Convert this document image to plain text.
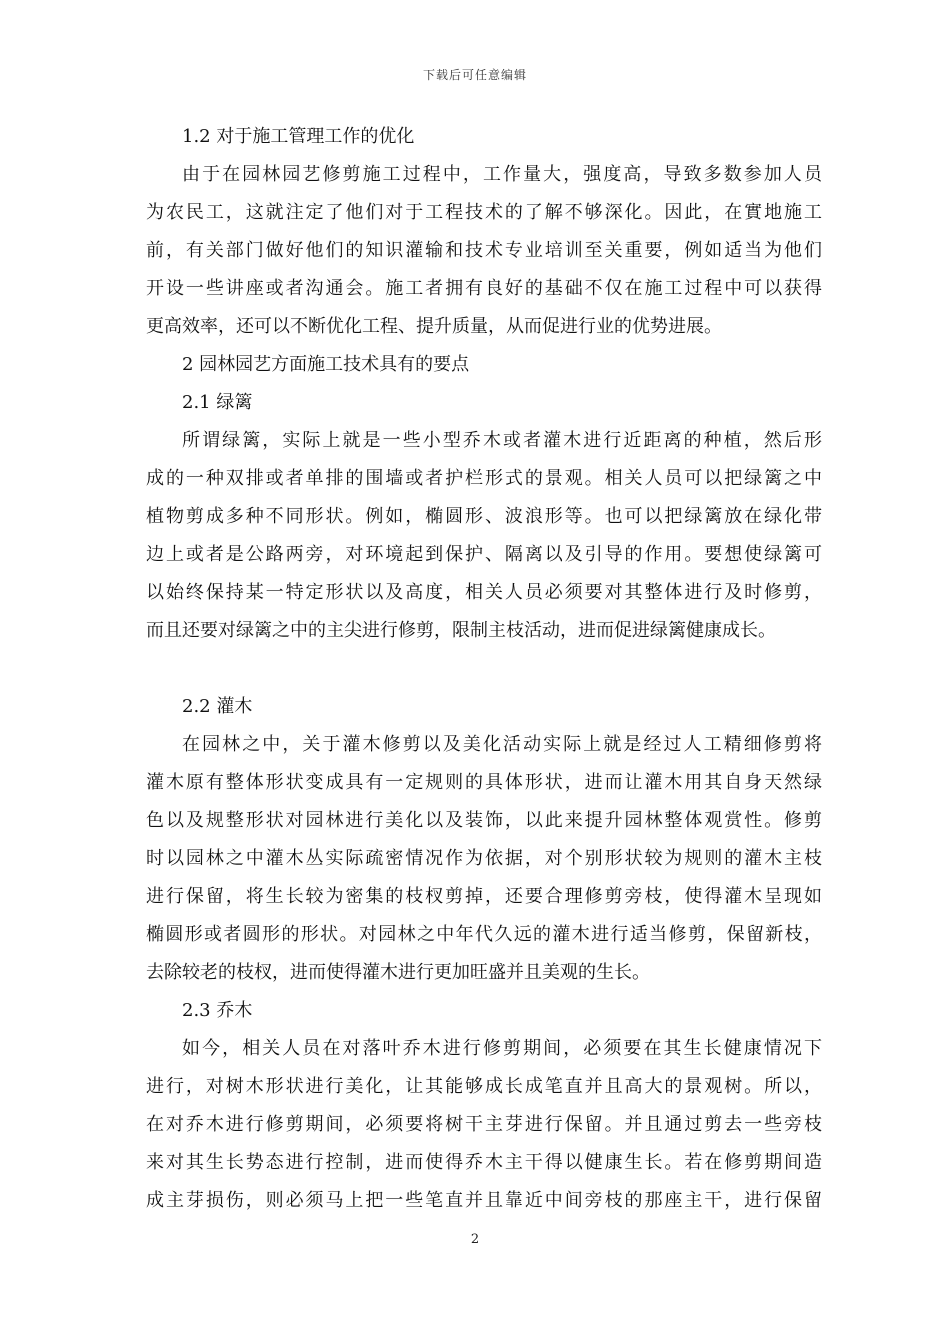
下载后可任意编辑
1.2 对于施工管理工作的优化
由于在园林园艺修剪施工过程中，工作量大，强度高，导致多数参加人员
为农民工，这就注定了他们对于工程技术的了解不够深化。因此，在實地施工
前，有关部门做好他们的知识灌输和技术专业培训至关重要，例如适当为他们
开设一些讲座或者沟通会。施工者拥有良好的基础不仅在施工过程中可以获得
更高效率，还可以不断优化工程、提升质量，从而促进行业的优势进展。
2 园林园艺方面施工技术具有的要点
2.1 绿篱
所谓绿篱，实际上就是一些小型乔木或者灌木进行近距离的种植，然后形
成的一种双排或者单排的围墙或者护栏形式的景观。相关人员可以把绿篱之中
植物剪成多种不同形状。例如，椭圆形、波浪形等。也可以把绿篱放在绿化带
边上或者是公路两旁，对环境起到保护、隔离以及引导的作用。要想使绿篱可
以始终保持某一特定形状以及高度，相关人员必须要对其整体进行及时修剪，
而且还要对绿篱之中的主尖进行修剪，限制主枝活动，进而促进绿篱健康成长。
2.2 灌木
在园林之中，关于灌木修剪以及美化活动实际上就是经过人工精细修剪将
灌木原有整体形状变成具有一定规则的具体形状，进而让灌木用其自身天然绿
色以及规整形状对园林进行美化以及装饰，以此来提升园林整体观赏性。修剪
时以园林之中灌木丛实际疏密情况作为依据，对个别形状较为规则的灌木主枝
进行保留，将生长较为密集的枝杈剪掉，还要合理修剪旁枝，使得灌木呈现如
椭圆形或者圆形的形状。对园林之中年代久远的灌木进行适当修剪，保留新枝，
去除较老的枝杈，进而使得灌木进行更加旺盛并且美观的生长。
2.3 乔木
如今，相关人员在对落叶乔木进行修剪期间，必须要在其生长健康情况下
进行，对树木形状进行美化，让其能够成长成笔直并且高大的景观树。所以，
在对乔木进行修剪期间，必须要将树干主芽进行保留。并且通过剪去一些旁枝
来对其生长势态进行控制，进而使得乔木主干得以健康生长。若在修剪期间造
成主芽损伤，则必须马上把一些笔直并且靠近中间旁枝的那座主干，进行保留
2
